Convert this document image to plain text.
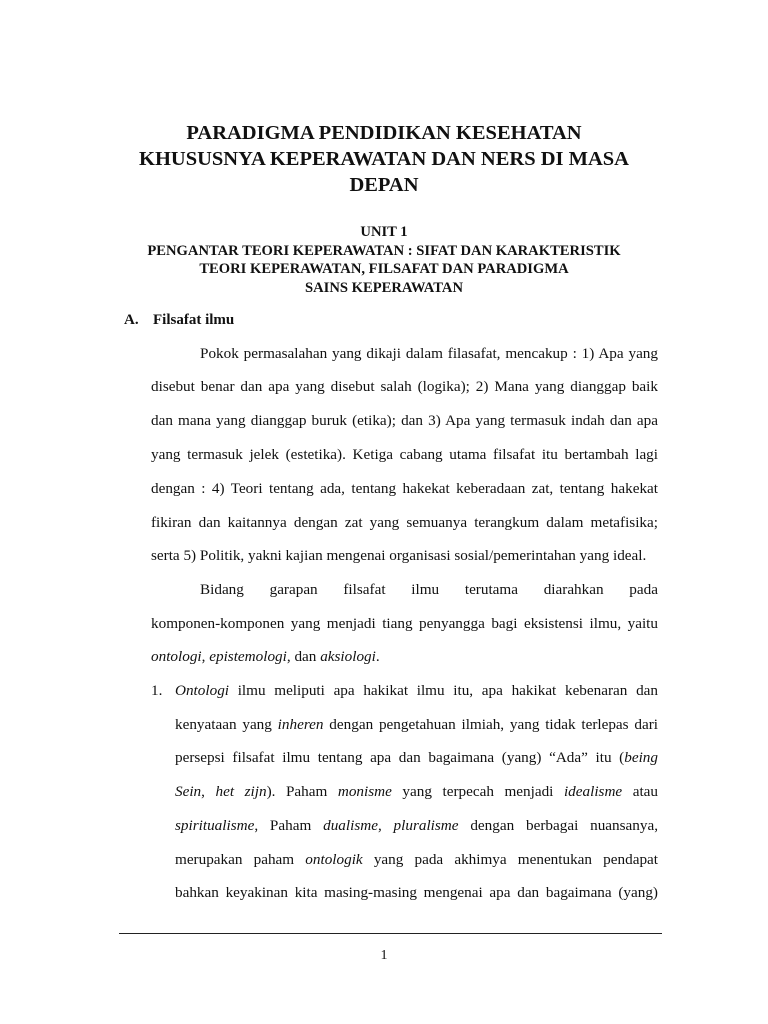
PARADIGMA PENDIDIKAN KESEHATAN
KHUSUSNYA KEPERAWATAN DAN NERS DI MASA
DEPAN
UNIT 1
PENGANTAR TEORI KEPERAWATAN : SIFAT DAN KARAKTERISTIK
TEORI KEPERAWATAN, FILSAFAT DAN PARADIGMA
SAINS KEPERAWATAN
A. Filsafat ilmu
Pokok permasalahan yang dikaji dalam filasafat, mencakup : 1) Apa yang
disebut benar dan apa yang disebut salah (logika); 2) Mana yang dianggap baik
dan mana yang dianggap buruk (etika); dan 3) Apa yang termasuk indah dan apa
yang termasuk jelek (estetika). Ketiga cabang utama filsafat itu bertambah lagi
dengan : 4) Teori tentang ada, tentang hakekat keberadaan zat, tentang hakekat
fikiran dan kaitannya dengan zat yang semuanya terangkum dalam metafisika;
serta 5) Politik, yakni kajian mengenai organisasi sosial/pemerintahan yang ideal.
Bidang garapan filsafat ilmu terutama diarahkan pada
komponen-komponen yang menjadi tiang penyangga bagi eksistensi ilmu, yaitu
ontologi, epistemologi, dan aksiologi.
1. Ontologi ilmu meliputi apa hakikat ilmu itu, apa hakikat kebenaran dan
kenyataan yang inheren dengan pengetahuan ilmiah, yang tidak terlepas dari
persepsi filsafat ilmu tentang apa dan bagaimana (yang) “Ada” itu (being
Sein, het zijn). Paham monisme yang terpecah menjadi idealisme atau
spiritualisme, Paham dualisme, pluralisme dengan berbagai nuansanya,
merupakan paham ontologik yang pada akhimya menentukan pendapat
bahkan keyakinan kita masing-masing mengenai apa dan bagaimana (yang)
1
